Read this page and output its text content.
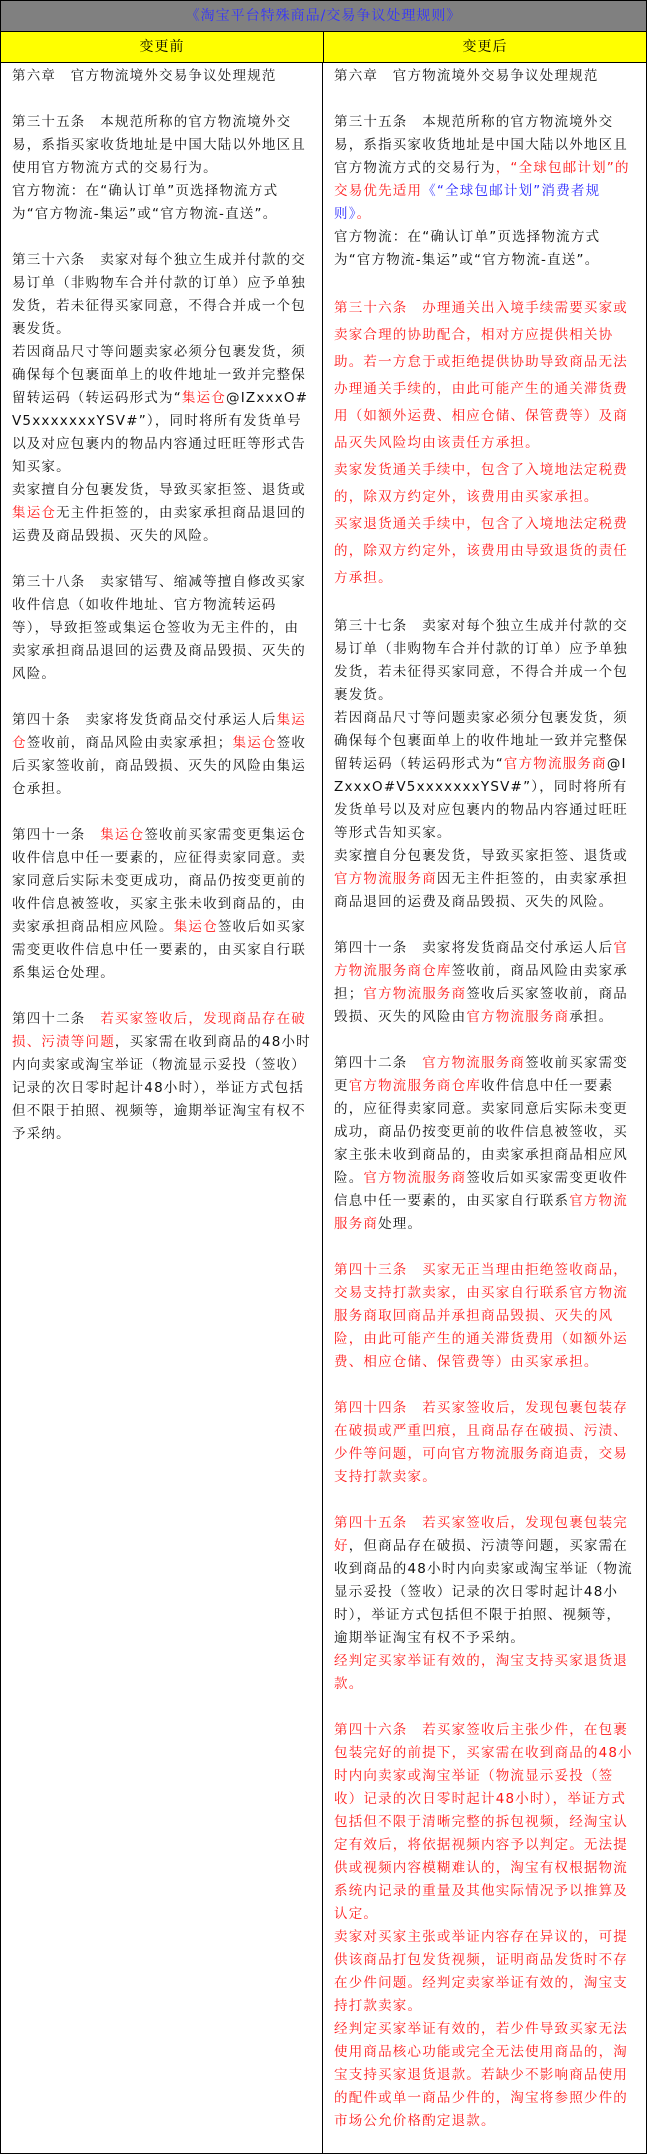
《淘宝平台特殊商品/交易争议处理规则》
变更前	变更后
第六章　官方物流境外交易争议处理规范
第三十五条　本规范所称的官方物流境外交易，系指买家收货地址是中国大陆以外地区且使用官方物流方式的交易行为。
官方物流：在“确认订单”页选择物流方式为“官方物流-集运”或“官方物流-直送”。
第三十六条　卖家对每个独立生成并付款的交易订单（非购物车合并付款的订单）应予单独发货，若未征得买家同意，不得合并成一个包裹发货。
若因商品尺寸等问题卖家必须分包裹发货，须确保每个包裹面单上的收件地址一致并完整保留转运码（转运码形式为“集运仓@IZxxxO#V5xxxxxxxYSV#”），同时将所有发货单号以及对应包裹内的物品内容通过旺旺等形式告知买家。
卖家擅自分包裹发货，导致买家拒签、退货或集运仓无主件拒签的，由卖家承担商品退回的运费及商品毁损、灭失的风险。
第三十八条　卖家错写、缩减等擅自修改买家收件信息（如收件地址、官方物流转运码等），导致拒签或集运仓签收为无主件的，由卖家承担商品退回的运费及商品毁损、灭失的风险。
第四十条　卖家将发货商品交付承运人后集运仓签收前，商品风险由卖家承担；集运仓签收后买家签收前，商品毁损、灭失的风险由集运仓承担。
第四十一条　集运仓签收前买家需变更集运仓收件信息中任一要素的，应征得卖家同意。卖家同意后实际未变更成功，商品仍按变更前的收件信息被签收，买家主张未收到商品的，由卖家承担商品相应风险。集运仓签收后如买家需变更收件信息中任一要素的，由买家自行联系集运仓处理。
第四十二条　若买家签收后，发现商品存在破损、污渍等问题，买家需在收到商品的48小时内向卖家或淘宝举证（物流显示妥投（签收）记录的次日零时起计48小时），举证方式包括但不限于拍照、视频等，逾期举证淘宝有权不予采纳。
第六章　官方物流境外交易争议处理规范
第三十五条　本规范所称的官方物流境外交易，系指买家收货地址是中国大陆以外地区且官方物流方式的交易行为，“全球包邮计划”的交易优先适用《“全球包邮计划”消费者规则》。
官方物流：在“确认订单”页选择物流方式为“官方物流-集运”或“官方物流-直送”。
第三十六条　办理通关出入境手续需要买家或卖家合理的协助配合，相对方应提供相关协助。若一方怠于或拒绝提供协助导致商品无法办理通关手续的，由此可能产生的通关滞货费用（如额外运费、相应仓储、保管费等）及商品灭失风险均由该责任方承担。
卖家发货通关手续中，包含了入境地法定税费的，除双方约定外，该费用由买家承担。
买家退货通关手续中，包含了入境地法定税费的，除双方约定外，该费用由导致退货的责任方承担。
第三十七条　卖家对每个独立生成并付款的交易订单（非购物车合并付款的订单）应予单独发货，若未征得买家同意，不得合并成一个包裹发货。
若因商品尺寸等问题卖家必须分包裹发货，须确保每个包裹面单上的收件地址一致并完整保留转运码（转运码形式为“官方物流服务商@IZxxxO#V5xxxxxxxYSV#”），同时将所有发货单号以及对应包裹内的物品内容通过旺旺等形式告知买家。
卖家擅自分包裹发货，导致买家拒签、退货或官方物流服务商因无主件拒签的，由卖家承担商品退回的运费及商品毁损、灭失的风险。
第四十一条　卖家将发货商品交付承运人后官方物流服务商仓库签收前，商品风险由卖家承担；官方物流服务商签收后买家签收前，商品毁损、灭失的风险由官方物流服务商承担。
第四十二条　官方物流服务商签收前买家需变更官方物流服务商仓库收件信息中任一要素的，应征得卖家同意。卖家同意后实际未变更成功，商品仍按变更前的收件信息被签收，买家主张未收到商品的，由卖家承担商品相应风险。官方物流服务商签收后如买家需变更收件信息中任一要素的，由买家自行联系官方物流服务商处理。
第四十三条　买家无正当理由拒绝签收商品，交易支持打款卖家，由买家自行联系官方物流服务商取回商品并承担商品毁损、灭失的风险，由此可能产生的通关滞货费用（如额外运费、相应仓储、保管费等）由买家承担。
第四十四条　若买家签收后，发现包裹包装存在破损或严重凹痕，且商品存在破损、污渍、少件等问题，可向官方物流服务商追责，交易支持打款卖家。
第四十五条　若买家签收后，发现包裹包装完好，但商品存在破损、污渍等问题，买家需在收到商品的48小时内向卖家或淘宝举证（物流显示妥投（签收）记录的次日零时起计48小时），举证方式包括但不限于拍照、视频等，逾期举证淘宝有权不予采纳。
经判定买家举证有效的，淘宝支持买家退货退款。
第四十六条　若买家签收后主张少件，在包裹包装完好的前提下，买家需在收到商品的48小时内向卖家或淘宝举证（物流显示妥投（签收）记录的次日零时起计48小时），举证方式包括但不限于清晰完整的拆包视频，经淘宝认定有效后，将依据视频内容予以判定。无法提供或视频内容模糊难认的，淘宝有权根据物流系统内记录的重量及其他实际情况予以推算及认定。
卖家对买家主张或举证内容存在异议的，可提供该商品打包发货视频，证明商品发货时不存在少件问题。经判定卖家举证有效的，淘宝支持打款卖家。
经判定买家举证有效的，若少件导致买家无法使用商品核心功能或完全无法使用商品的，淘宝支持买家退货退款。若缺少不影响商品使用的配件或单一商品少件的，淘宝将参照少件的市场公允价格酌定退款。
